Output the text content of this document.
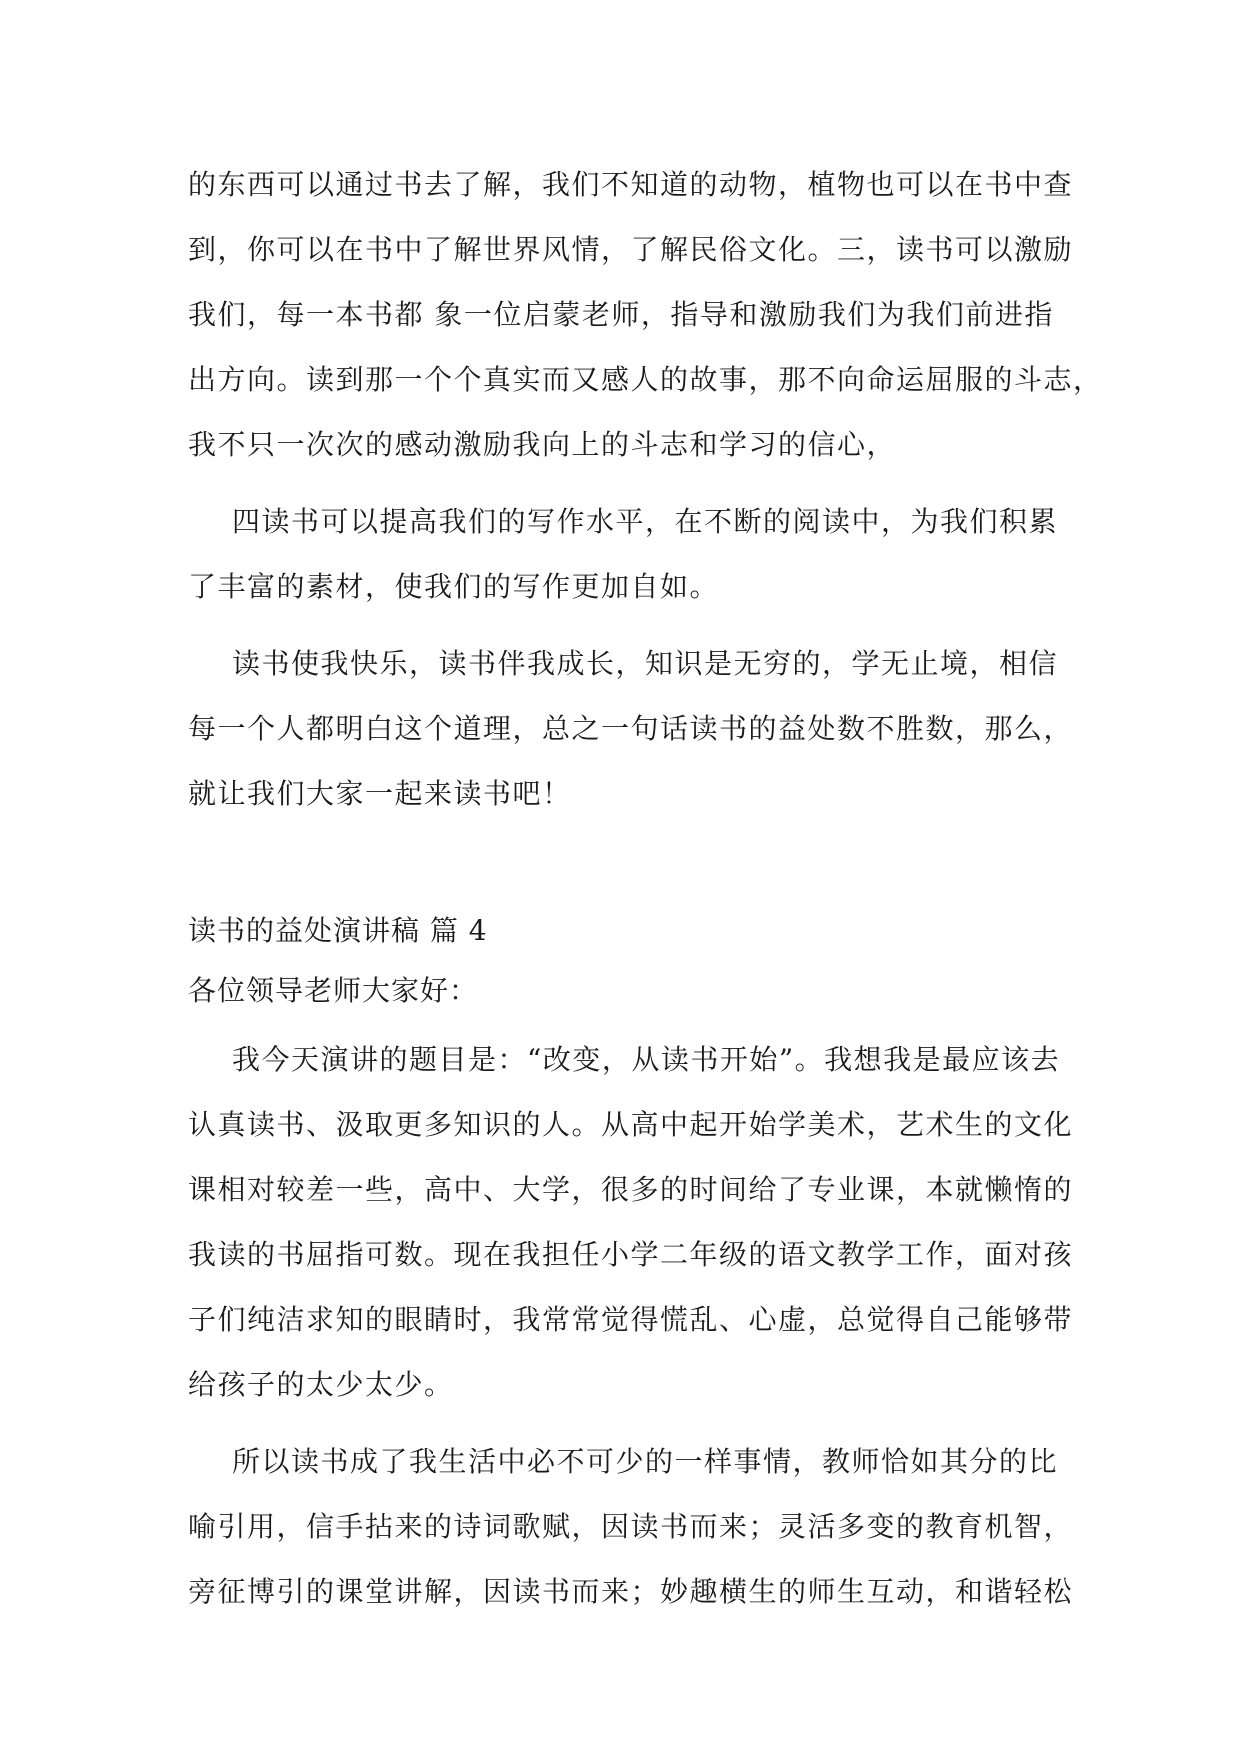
的东西可以通过书去了解，我们不知道的动物，植物也可以在书中查

到，你可以在书中了解世界风情，了解民俗文化。三，读书可以激励

我们，每一本书都 象一位启蒙老师，指导和激励我们为我们前进指

出方向。读到那一个个真实而又感人的故事，那不向命运屈服的斗志，

我不只一次次的感动激励我向上的斗志和学习的信心，

四读书可以提高我们的写作水平，在不断的阅读中，为我们积累

了丰富的素材，使我们的写作更加自如。

读书使我快乐，读书伴我成长，知识是无穷的，学无止境，相信

每一个人都明白这个道理，总之一句话读书的益处数不胜数，那么，

就让我们大家一起来读书吧！

读书的益处演讲稿 篇 4

各位领导老师大家好：

我今天演讲的题目是：“改变，从读书开始”。我想我是最应该去

认真读书、汲取更多知识的人。从高中起开始学美术，艺术生的文化

课相对较差一些，高中、大学，很多的时间给了专业课，本就懒惰的

我读的书屈指可数。现在我担任小学二年级的语文教学工作，面对孩

子们纯洁求知的眼睛时，我常常觉得慌乱、心虚，总觉得自己能够带

给孩子的太少太少。

所以读书成了我生活中必不可少的一样事情，教师恰如其分的比

喻引用，信手拈来的诗词歌赋，因读书而来；灵活多变的教育机智，

旁征博引的课堂讲解，因读书而来；妙趣横生的师生互动，和谐轻松
